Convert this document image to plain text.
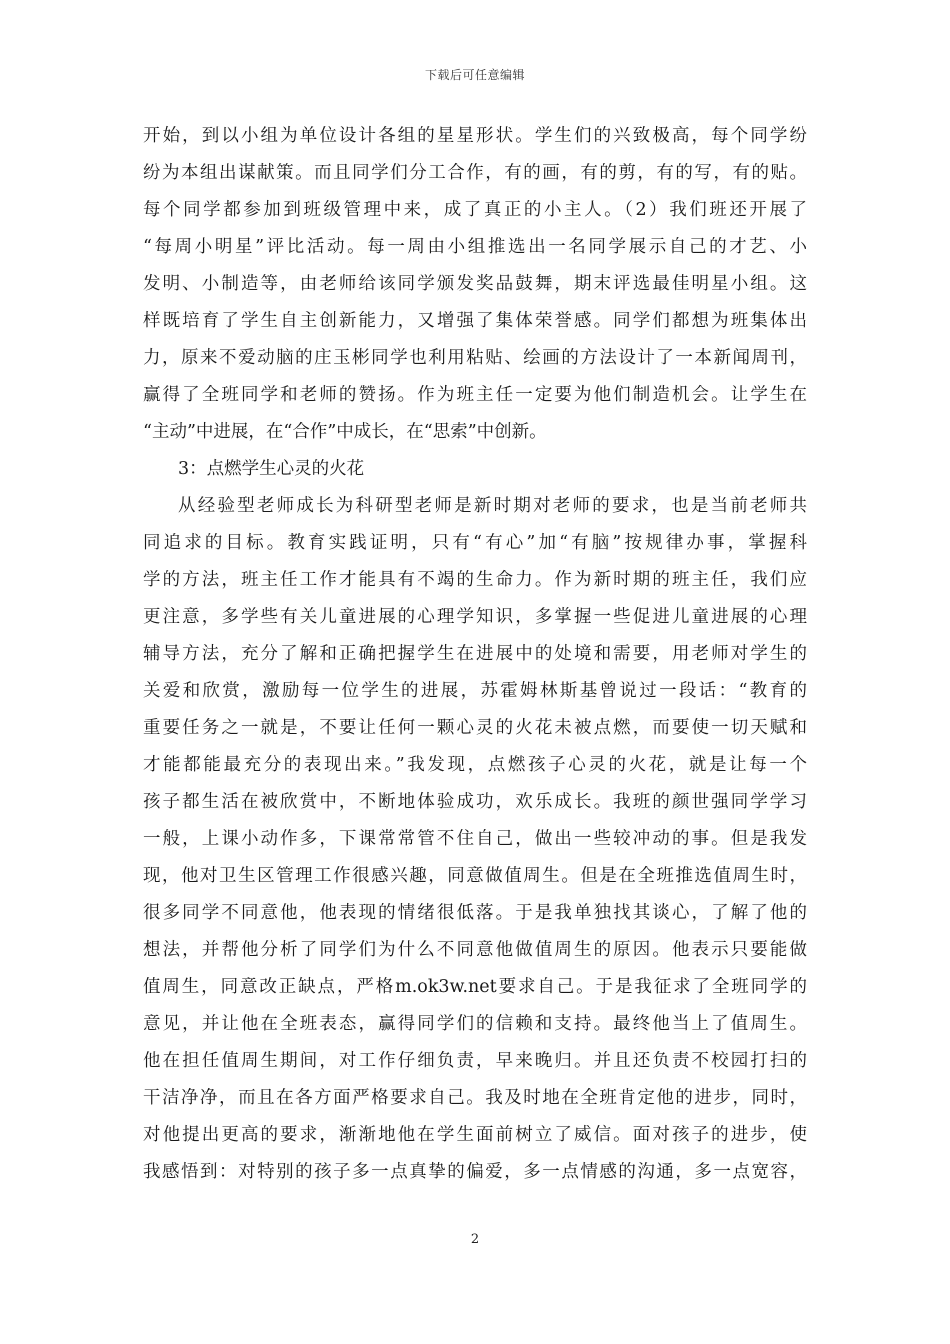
下载后可任意编辑
开始，到以小组为单位设计各组的星星形状。学生们的兴致极高，每个同学纷
纷为本组出谋献策。而且同学们分工合作，有的画，有的剪，有的写，有的贴。
每个同学都参加到班级管理中来，成了真正的小主人。（2）我们班还开展了
“每周小明星”评比活动。每一周由小组推选出一名同学展示自己的才艺、小
发明、小制造等，由老师给该同学颁发奖品鼓舞，期末评选最佳明星小组。这
样既培育了学生自主创新能力，又增强了集体荣誉感。同学们都想为班集体出
力，原来不爱动脑的庄玉彬同学也利用粘贴、绘画的方法设计了一本新闻周刊，
赢得了全班同学和老师的赞扬。作为班主任一定要为他们制造机会。让学生在
“主动”中进展，在“合作”中成长，在“思索”中创新。
3：点燃学生心灵的火花
从经验型老师成长为科研型老师是新时期对老师的要求，也是当前老师共
同追求的目标。教育实践证明，只有“有心”加“有脑”按规律办事，掌握科
学的方法，班主任工作才能具有不竭的生命力。作为新时期的班主任，我们应
更注意，多学些有关儿童进展的心理学知识，多掌握一些促进儿童进展的心理
辅导方法，充分了解和正确把握学生在进展中的处境和需要，用老师对学生的
关爱和欣赏，激励每一位学生的进展，苏霍姆林斯基曾说过一段话：“教育的
重要任务之一就是，不要让任何一颗心灵的火花未被点燃，而要使一切天赋和
才能都能最充分的表现出来。”我发现，点燃孩子心灵的火花，就是让每一个
孩子都生活在被欣赏中，不断地体验成功，欢乐成长。我班的颜世强同学学习
一般，上课小动作多，下课常常管不住自己，做出一些较冲动的事。但是我发
现，他对卫生区管理工作很感兴趣，同意做值周生。但是在全班推选值周生时，
很多同学不同意他，他表现的情绪很低落。于是我单独找其谈心，了解了他的
想法，并帮他分析了同学们为什么不同意他做值周生的原因。他表示只要能做
值周生，同意改正缺点，严格m.ok3w.net要求自己。于是我征求了全班同学的
意见，并让他在全班表态，赢得同学们的信赖和支持。最终他当上了值周生。
他在担任值周生期间，对工作仔细负责，早来晚归。并且还负责不校园打扫的
干洁净净，而且在各方面严格要求自己。我及时地在全班肯定他的进步，同时，
对他提出更高的要求，渐渐地他在学生面前树立了威信。面对孩子的进步，使
我感悟到：对特别的孩子多一点真挚的偏爱，多一点情感的沟通，多一点宽容，
2
